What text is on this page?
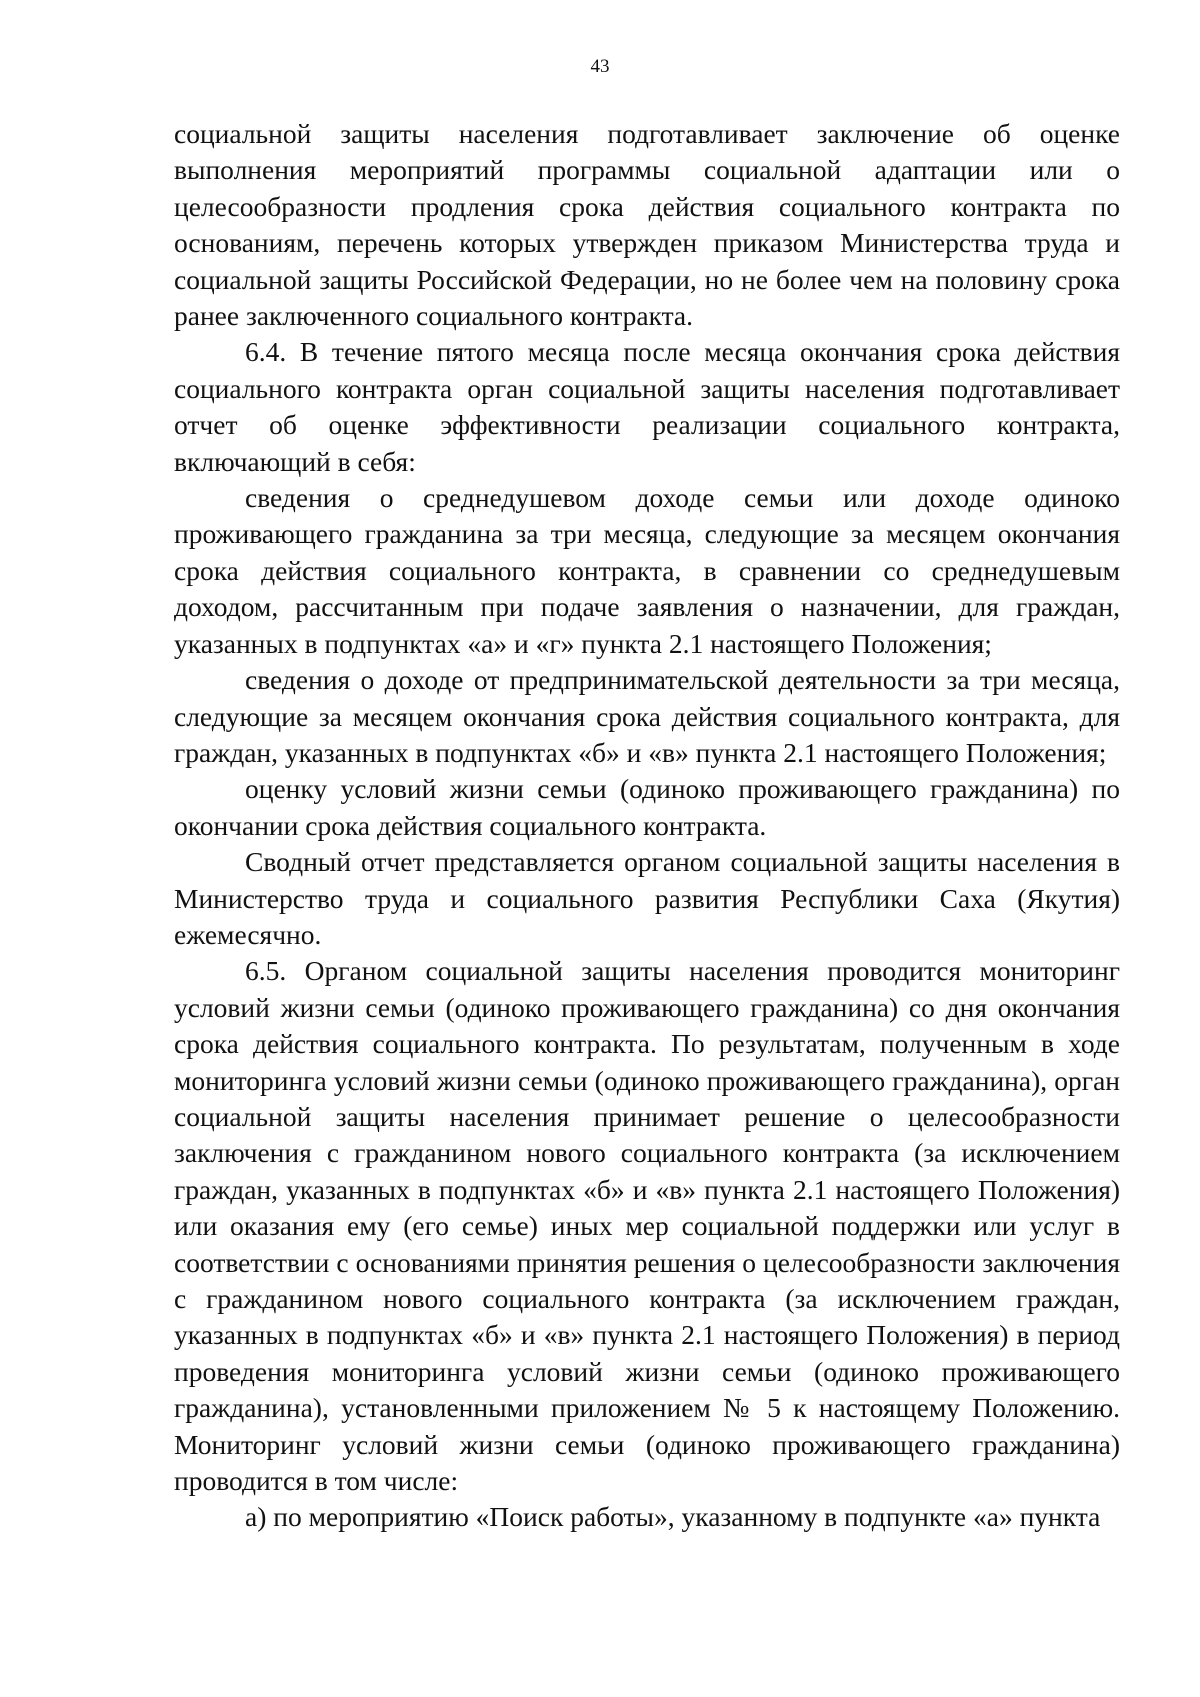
43

социальной защиты населения подготавливает заключение об оценке выполнения мероприятий программы социальной адаптации или о целесообразности продления срока действия социального контракта по основаниям, перечень которых утвержден приказом Министерства труда и социальной защиты Российской Федерации, но не более чем на половину срока ранее заключенного социального контракта.

6.4. В течение пятого месяца после месяца окончания срока действия социального контракта орган социальной защиты населения подготавливает отчет об оценке эффективности реализации социального контракта, включающий в себя:

сведения о среднедушевом доходе семьи или доходе одиноко проживающего гражданина за три месяца, следующие за месяцем окончания срока действия социального контракта, в сравнении со среднедушевым доходом, рассчитанным при подаче заявления о назначении, для граждан, указанных в подпунктах «а» и «г» пункта 2.1 настоящего Положения;

сведения о доходе от предпринимательской деятельности за три месяца, следующие за месяцем окончания срока действия социального контракта, для граждан, указанных в подпунктах «б» и «в» пункта 2.1 настоящего Положения;

оценку условий жизни семьи (одиноко проживающего гражданина) по окончании срока действия социального контракта.

Сводный отчет представляется органом социальной защиты населения в Министерство труда и социального развития Республики Саха (Якутия) ежемесячно.

6.5. Органом социальной защиты населения проводится мониторинг условий жизни семьи (одиноко проживающего гражданина) со дня окончания срока действия социального контракта. По результатам, полученным в ходе мониторинга условий жизни семьи (одиноко проживающего гражданина), орган социальной защиты населения принимает решение о целесообразности заключения с гражданином нового социального контракта (за исключением граждан, указанных в подпунктах «б» и «в» пункта 2.1 настоящего Положения) или оказания ему (его семье) иных мер социальной поддержки или услуг в соответствии с основаниями принятия решения о целесообразности заключения с гражданином нового социального контракта (за исключением граждан, указанных в подпунктах «б» и «в» пункта 2.1 настоящего Положения) в период проведения мониторинга условий жизни семьи (одиноко проживающего гражданина), установленными приложением № 5 к настоящему Положению. Мониторинг условий жизни семьи (одиноко проживающего гражданина) проводится в том числе:

а) по мероприятию «Поиск работы», указанному в подпункте «а» пункта
